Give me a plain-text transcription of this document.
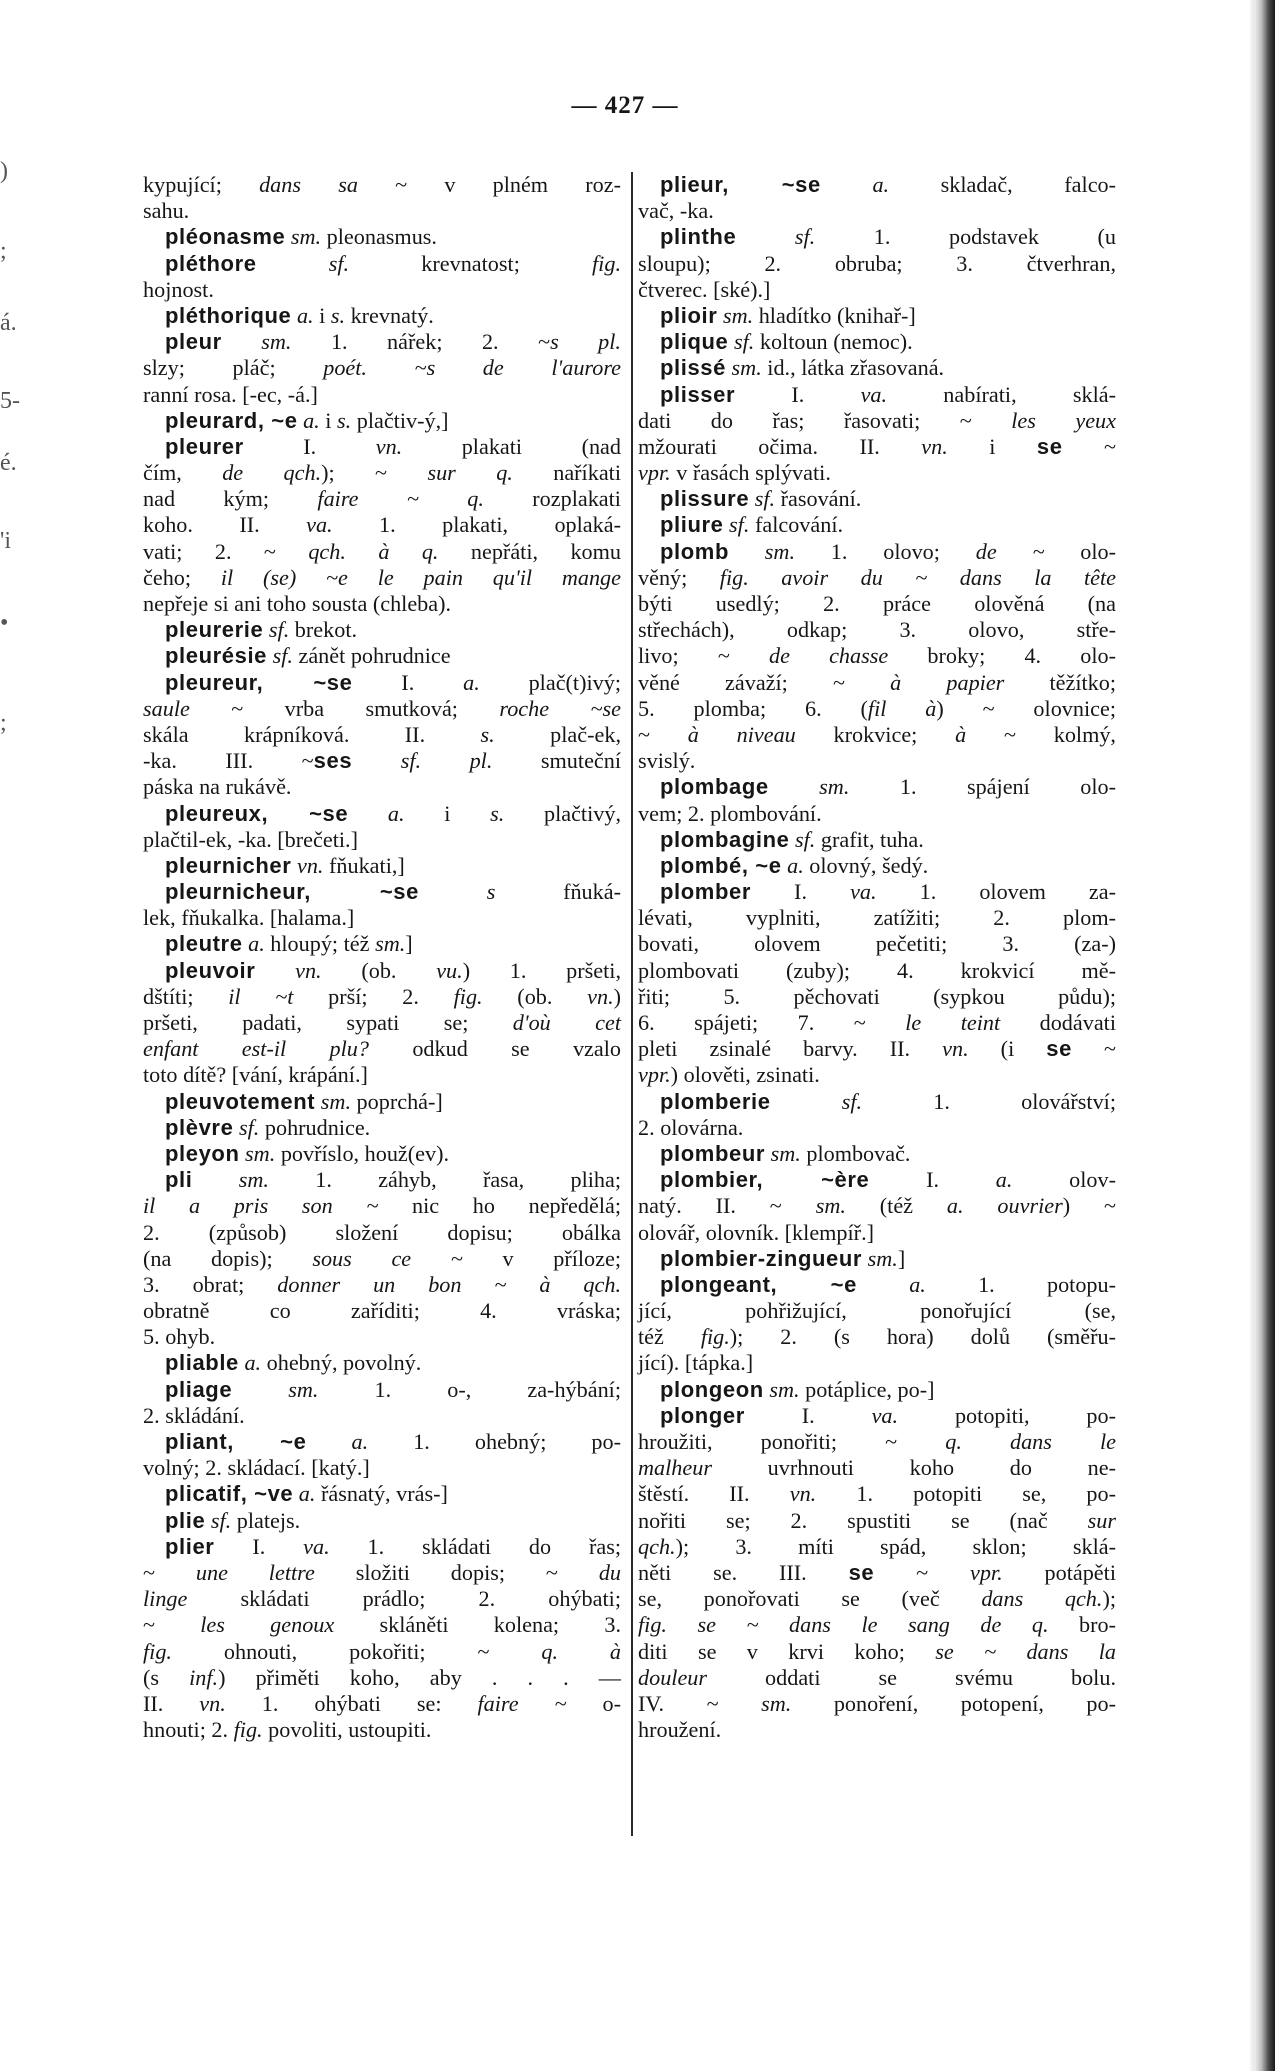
)
;
á.
5-
é.
'i
•
;
— 427 —
kypující; dans sa ~ v plném roz-
sahu.
pléonasme sm. pleonasmus.
pléthore	sf. krevnatost; fig.
hojnost.
pléthorique a. i s. krevnatý.
pleur sm. 1. nářek; 2. ~s pl.
slzy; pláč; poét. ~s de l'aurore
ranní rosa. [-ec, -á.]
pleurard, ~e a. i s. plačtiv-ý,]
pleurer I. vn. plakati (nad
čím, de qch.); ~ sur q. naříkati
nad kým; faire ~ q. rozplakati
koho. II. va. 1. plakati, oplaká-
vati; 2. ~ qch. à q. nepřáti, komu
čeho; il (se) ~e le pain qu'il mange
nepřeje si ani toho sousta (chleba).
pleurerie sf. brekot.
pleurésie sf. zánět pohrudnice
pleureur, ~se I. a. plač(t)ivý;
saule ~ vrba smutková; roche ~se
skála krápníková. II. s. plač-ek,
-ka. III. ~ses sf. pl. smuteční
páska na rukávě.
pleureux, ~se a. i s. plačtivý,
plačtil-ek, -ka. [brečeti.]
pleurnicher vn. fňukati,]
pleurnicheur, ~se	s fňuká-
lek, fňukalka. [halama.]
pleutre a. hloupý; též sm.]
pleuvoir vn. (ob. vu.) 1. pršeti,
dštíti; il ~t prší; 2. fig. (ob. vn.)
pršeti, padati, sypati se; d'où cet
enfant est-il plu? odkud se vzalo
toto dítě? [vání, krápání.]
pleuvotement sm. poprchá-]
plèvre sf. pohrudnice.
pleyon sm. povříslo, houž(ev).
pli sm. 1. záhyb, řasa, pliha;
il a pris son ~ nic ho nepředělá;
2. (způsob) složení dopisu; obálka
(na dopis); sous ce ~ v příloze;
3. obrat; donner un bon ~ à qch.
obratně co zaříditi; 4. vráska;
5. ohyb.
pliable a. ohebný, povolný.
pliage	sm. 1. o-, za-hýbání;
2. skládání.
pliant, ~e a. 1. ohebný; po-
volný; 2. skládací. [katý.]
plicatif, ~ve a. řásnatý, vrás-]
plie sf. platejs.
plier I. va. 1. skládati do řas;
~ une lettre složiti dopis; ~ du
linge skládati prádlo; 2. ohýbati;
~ les genoux skláněti kolena; 3.
fig. ohnouti, pokořiti; ~ q. à
(s inf.) přiměti koho, aby . . . —
II. vn. 1. ohýbati se: faire ~ o-
hnouti; 2. fig. povoliti, ustoupiti.
plieur, ~se a. skladač, falco-
vač, -ka.
plinthe	sf. 1. podstavek (u
sloupu); 2. obruba; 3. čtverhran,
čtverec. [ské).]
plioir sm. hladítko (knihař-]
plique sf. koltoun (nemoc).
plissé sm. id., látka zřasovaná.
plisser I. va. nabírati, sklá-
dati do řas; řasovati; ~ les yeux
mžourati očima. II. vn. i se ~
vpr. v řasách splývati.
plissure sf. řasování.
pliure sf. falcování.
plomb sm. 1. olovo; de ~ olo-
věný; fig. avoir du ~ dans la tête
býti usedlý; 2. práce olověná (na
střechách), odkap; 3. olovo, stře-
livo; ~ de chasse broky; 4. olo-
věné závaží; ~ à papier těžítko;
5. plomba; 6. (fil à) ~ olovnice;
~ à niveau krokvice; à ~ kolmý,
svislý.
plombage sm. 1. spájení olo-
vem; 2. plombování.
plombagine sf. grafit, tuha.
plombé, ~e a. olovný, šedý.
plomber I. va. 1. olovem za-
lévati, vyplniti, zatížiti; 2. plom-
bovati, olovem pečetiti; 3. (za-)
plombovati (zuby); 4. krokvicí mě-
řiti; 5. pěchovati (sypkou půdu);
6. spájeti; 7. ~ le teint dodávati
pleti zsinalé barvy. II. vn. (i se ~
vpr.) olověti, zsinati.
plomberie	sf. 1. olovářství;
2. olovárna.
plombeur sm. plombovač.
plombier, ~ère I. a. olov-
natý. II. ~ sm. (též a. ouvrier) ~
olovář, olovník. [klempíř.]
plombier-zingueur sm.]
plongeant, ~e a. 1. potopu-
jící, pohřižující, ponořující (se,
též fig.); 2. (s hora) dolů (směřu-
jící). [tápka.]
plongeon sm. potáplice, po-]
plonger I. va. potopiti, po-
hroužiti, ponořiti; ~ q. dans le
malheur uvrhnouti koho do ne-
štěstí. II. vn. 1. potopiti se, po-
nořiti se; 2. spustiti se (nač sur
qch.); 3. míti spád, sklon; sklá-
něti se. III. se ~ vpr. potápěti
se, ponořovati se (več dans qch.);
fig. se ~ dans le sang de q. bro-
diti se v krvi koho; se ~ dans la
douleur oddati se svému bolu.
IV. ~ sm. ponoření, potopení, po-
hroužení.
